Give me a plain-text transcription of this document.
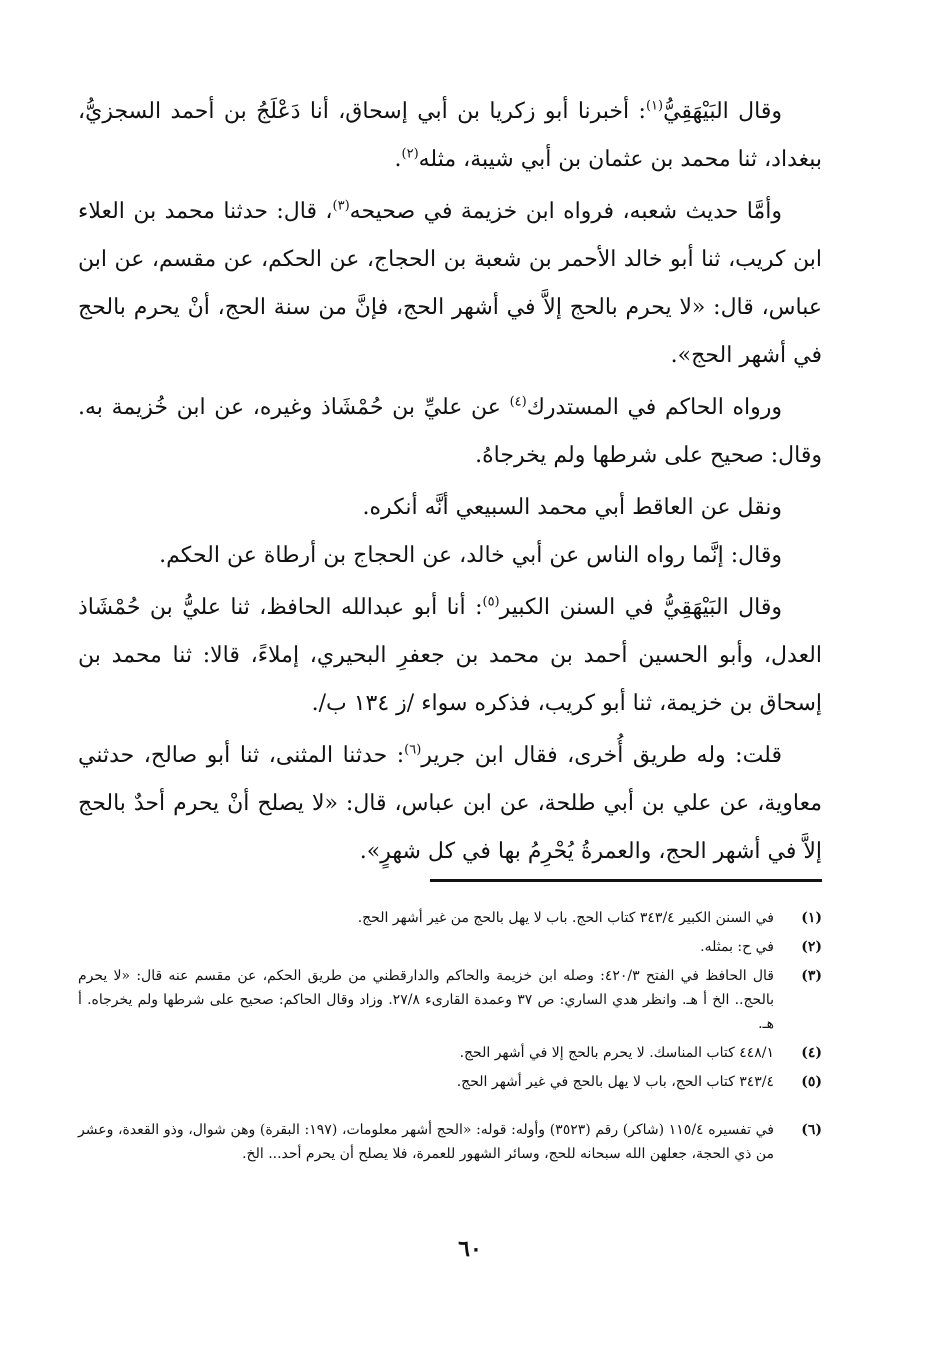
وقال البَيْهَقِيُّ$^{(١)}$: أخبرنا أبو زكريا بن أبي إسحاق، أنا دَعْلَجُ بن أحمد السجزيُّ، ببغداد، ثنا محمد بن عثمان بن أبي شيبة، مثله$^{(٢)}$.

وأمَّا حديث شعبه، فرواه ابن خزيمة في صحيحه$^{(٣)}$، قال: حدثنا محمد بن العلاء ابن كريب، ثنا أبو خالد الأحمر بن شعبة بن الحجاج، عن الحكم، عن مقسم، عن ابن عباس، قال: «لا يحرم بالحج إلاَّ في أشهر الحج، فإنَّ من سنة الحج، أنْ يحرم بالحج في أشهر الحج».

ورواه الحاكم في المستدرك$^{(٤)}$ عن عليِّ بن حُمْشَاذ وغيره، عن ابن خُزيمة به. وقال: صحيح على شرطها ولم يخرجاهُ.

ونقل عن العاقط أبي محمد السبيعي أنَّه أنكره.

وقال: إنَّما رواه الناس عن أبي خالد، عن الحجاج بن أرطاة عن الحكم.

وقال البَيْهَقِيُّ في السنن الكبير$^{(٥)}$: أنا أبو عبدالله الحافظ، ثنا عليُّ بن حُمْشَاذ العدل، وأبو الحسين أحمد بن محمد بن جعفرِ البحيري، إملاءً، قالا: ثنا محمد بن إسحاق بن خزيمة، ثنا أبو كريب، فذكره سواء /ز ١٣٤ ب/.

قلت: وله طريق أُخرى، فقال ابن جرير$^{(٦)}$: حدثنا المثنى، ثنا أبو صالح، حدثني معاوية، عن علي بن أبي طلحة، عن ابن عباس، قال: «لا يصلح أنْ يحرم أحدٌ بالحج إلاَّ في أشهر الحج، والعمرةُ يُحْرِمُ بها في كل شهرٍ».

(١)
في السنن الكبير ٣٤٣/٤ كتاب الحج. باب لا يهل بالحج من غير أشهر الحج.
(٢)
في ح: بمثله.
(٣)
قال الحافظ في الفتح ٤٢٠/٣: وصله ابن خزيمة والحاكم والدارقطني من طريق الحكم، عن مقسم عنه قال: «لا يحرم بالحج.. الخ أ هـ. وانظر هدي الساري: ص ٣٧ وعمدة القارىء ٢٧/٨. وزاد وقال الحاكم: صحيح على شرطها ولم يخرجاه. أ هـ.
(٤)
٤٤٨/١ كتاب المناسك. لا يحرم بالحج إلا في أشهر الحج.
(٥)
٣٤٣/٤ كتاب الحج، باب لا يهل بالحج في غير أشهر الحج.
(٦)
في تفسيره ١١٥/٤ (شاكر) رقم (٣٥٢٣) وأوله: قوله: «الحج أشهر معلومات، (١٩٧: البقرة) وهن شوال، وذو القعدة، وعشر من ذي الحجة، جعلهن الله سبحانه للحج، وسائر الشهور للعمرة، فلا يصلح أن يحرم أحد... الخ.
٦٠
